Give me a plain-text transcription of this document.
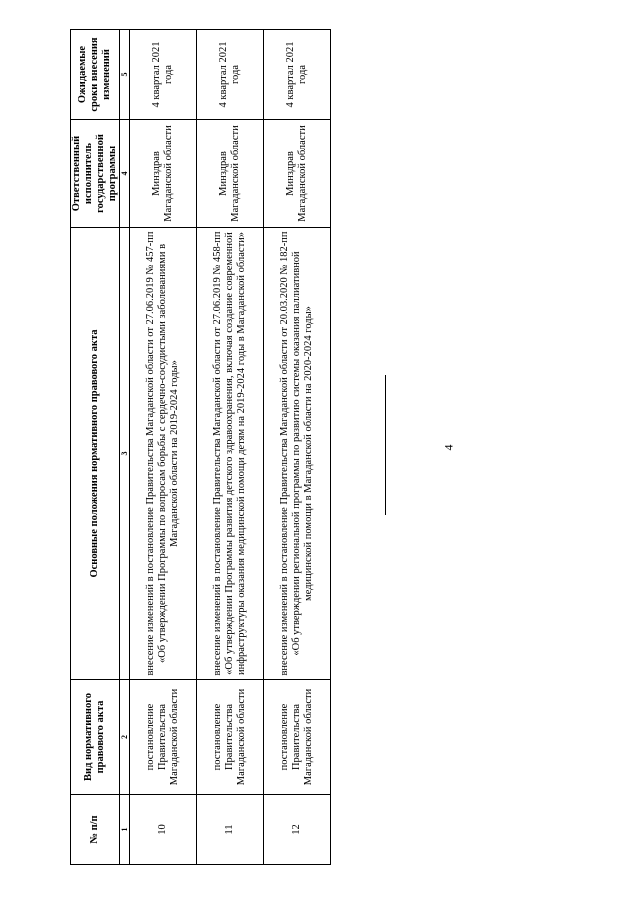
4
№ п/п	Вид нормативного правового акта	Основные положения нормативного правового акта	Ответственный исполнитель государственной программы	Ожидаемые сроки внесения изменений
1	2	3	4	5
10	постановление Правительства Магаданской области	внесение изменений в постановление Правительства Магаданской области от 27.06.2019 № 457-пп «Об утверждении Программы по вопросам борьбы с сердечно-сосудистыми заболеваниями в Магаданской области на 2019-2024 годы»	Минздрав Магаданской области	4 квартал 2021 года
11	постановление Правительства Магаданской области	внесение изменений в постановление Правительства Магаданской области от 27.06.2019 № 458-пп «Об утверждении Программы развития детского здравоохранения, включая создание современной инфраструктуры оказания медицинской помощи детям на 2019-2024 годы в Магаданской области»	Минздрав Магаданской области	4 квартал 2021 года
12	постановление Правительства Магаданской области	внесение изменений в постановление Правительства Магаданской области от 20.03.2020 № 182-пп «Об утверждении региональной программы по развитию системы оказания паллиативной медицинской помощи в Магаданской области на 2020-2024 годы»	Минздрав Магаданской области	4 квартал 2021 года
